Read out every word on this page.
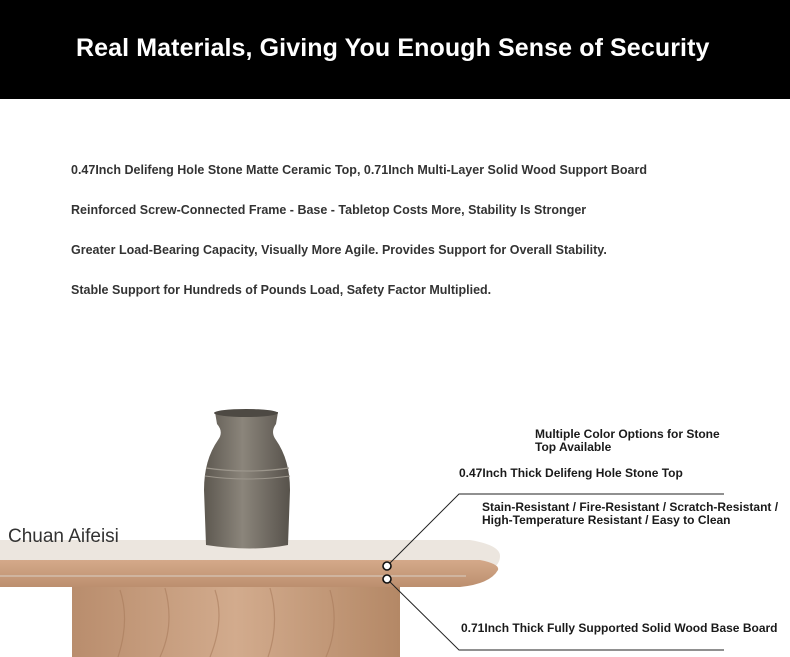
Real Materials, Giving You Enough Sense of Security
0.47Inch Delifeng Hole Stone Matte Ceramic Top, 0.71Inch Multi-Layer Solid Wood Support Board
Reinforced Screw-Connected Frame - Base - Tabletop Costs More, Stability Is Stronger
Greater Load-Bearing Capacity, Visually More Agile. Provides Support for Overall Stability.
Stable Support for Hundreds of Pounds Load, Safety Factor Multiplied.
Chuan Aifeisi
Multiple Color Options for Stone Top Available
0.47Inch Thick Delifeng Hole Stone Top
Stain-Resistant / Fire-Resistant / Scratch-Resistant / High-Temperature Resistant / Easy to Clean
0.71Inch Thick Fully Supported Solid Wood Base Board
